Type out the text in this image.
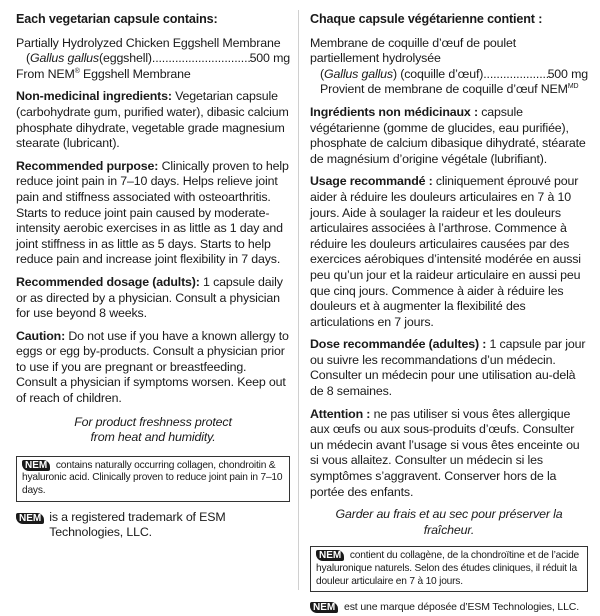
Each vegetarian capsule contains:
Partially Hydrolyzed Chicken Eggshell Membrane
( Gallus gallus (eggshell) .....	500 mg
From NEM® Eggshell Membrane
Non-medicinal ingredients: Vegetarian capsule (carbohydrate gum, purified water), dibasic calcium phosphate dihydrate, vegetable grade magnesium stearate (lubricant).
Recommended purpose: Clinically proven to help reduce joint pain in 7–10 days. Helps relieve joint pain and stiffness associated with osteoarthritis. Starts to reduce joint pain caused by moderate-intensity aerobic exercises in as little as 1 day and joint stiffness in as little as 5 days. Starts to help reduce pain and increase joint flexibility in 7 days.
Recommended dosage (adults): 1 capsule daily or as directed by a physician. Consult a physician for use beyond 8 weeks.
Caution: Do not use if you have a known allergy to eggs or egg by-products. Consult a physician prior to use if you are pregnant or breastfeeding. Consult a physician if symptoms worsen. Keep out of reach of children.
For product freshness protect
from heat and humidity.
NEM contains naturally occurring collagen, chondroitin & hyaluronic acid. Clinically proven to reduce joint pain in 7–10 days.
NEM is a registered trademark of ESM Technologies, LLC.
Chaque capsule végétarienne contient :
Membrane de coquille d’œuf de poulet partiellement hydrolysée
( Gallus gallus ) (coquille d’œuf) .....	500 mg
Provient de membrane de coquille d’œuf $NEM^{MD}$
Ingrédients non médicinaux : capsule végétarienne (gomme de glucides, eau purifiée), phosphate de calcium dibasique dihydraté, stéarate de magnésium d’origine végétale (lubrifiant).
Usage recommandé : cliniquement éprouvé pour aider à réduire les douleurs articulaires en 7 à 10 jours. Aide à soulager la raideur et les douleurs articulaires associées à l’arthrose. Commence à réduire les douleurs articulaires causées par des exercices aérobiques d’intensité modérée en aussi peu qu’un jour et la raideur articulaire en aussi peu que cinq jours. Commence à aider à réduire les douleurs et à augmenter la flexibilité des articulations en 7 jours.
Dose recommandée (adultes) : 1 capsule par jour ou suivre les recommandations d’un médecin. Consulter un médecin pour une utilisation au-delà de 8 semaines.
Attention : ne pas utiliser si vous êtes allergique aux œufs ou aux sous-produits d’œufs. Consulter un médecin avant l’usage si vous êtes enceinte ou si vous allaitez. Consulter un médecin si les symptômes s’aggravent. Conserver hors de la portée des enfants.
Garder au frais et au sec pour préserver la fraîcheur.
NEM contient du collagène, de la chondroïtine et de l’acide hyaluronique naturels. Selon des études cliniques, il réduit la douleur articulaire en 7 à 10 jours.
NEM est une marque déposée d’ESM Technologies, LLC.
